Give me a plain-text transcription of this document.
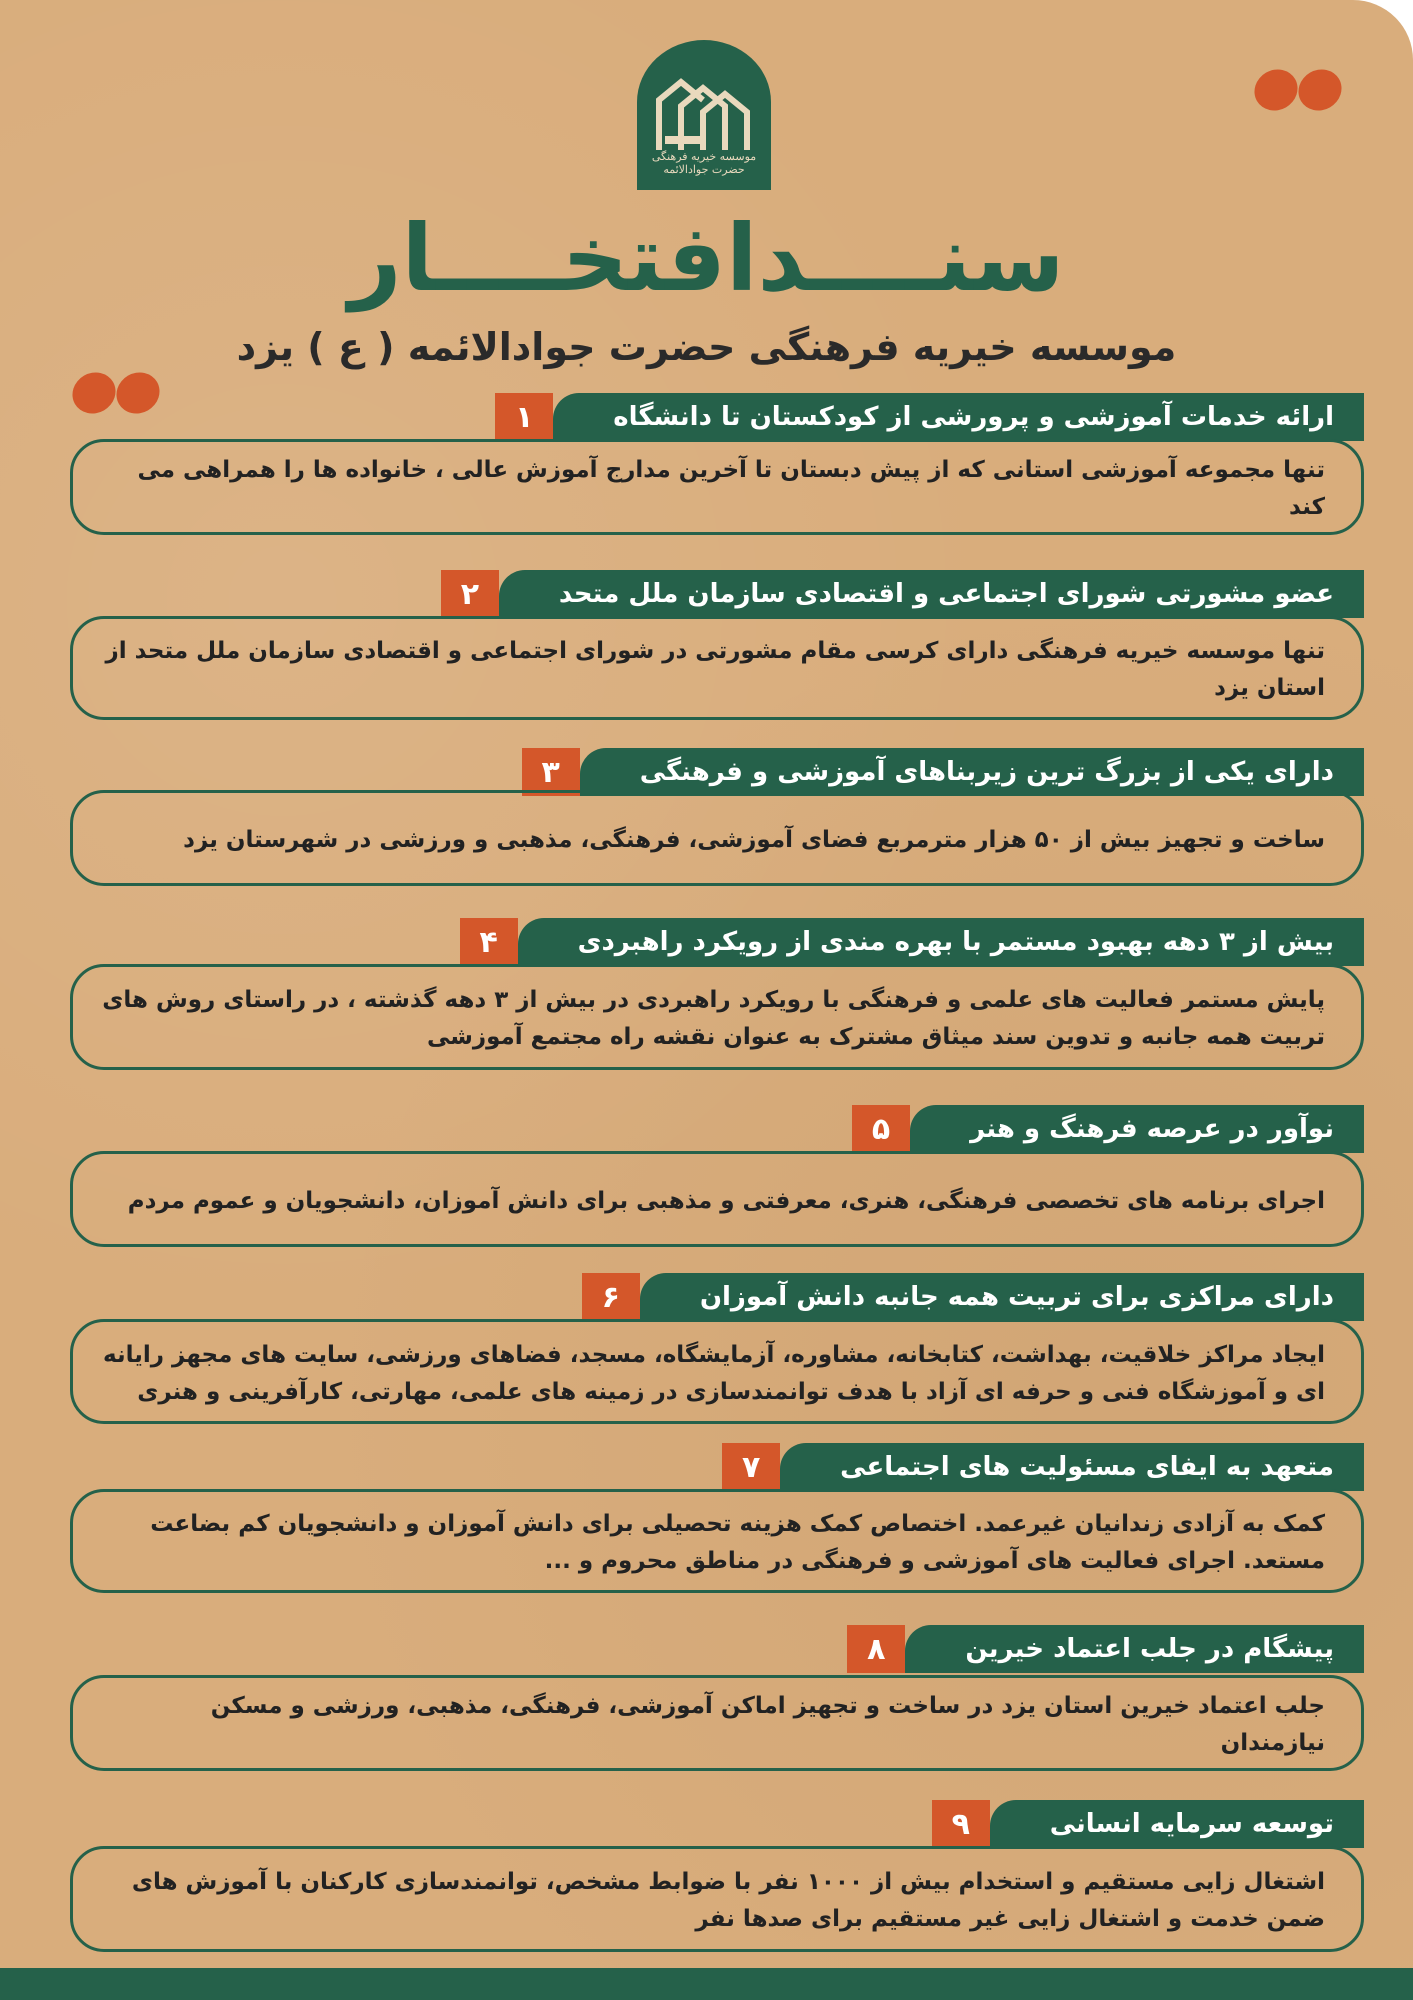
موسسه خیریه فرهنگی حضرت جوادالائمه
سنــــدافتخــــار
موسسه خیریه فرهنگی حضرت جوادالائمه ( ع ) یزد
ارائه خدمات آموزشی و پرورشی از کودکستان تا دانشگاه
۱
تنها مجموعه آموزشی استانی که از پیش دبستان تا آخرین مدارج آموزش عالی ، خانواده ها را همراهی می کند
عضو مشورتی شورای اجتماعی و اقتصادی سازمان ملل متحد
۲
تنها موسسه خیریه فرهنگی دارای کرسی مقام مشورتی در شورای اجتماعی و اقتصادی سازمان ملل متحد از استان یزد
دارای یکی از بزرگ ترین زیربناهای آموزشی و فرهنگی
۳
ساخت و تجهیز بیش از ۵۰ هزار مترمربع فضای آموزشی، فرهنگی، مذهبی و ورزشی در شهرستان یزد
بیش از ۳ دهه بهبود مستمر با بهره مندی از رویکرد راهبردی
۴
پایش مستمر فعالیت های علمی و فرهنگی با رویکرد راهبردی در بیش از ۳ دهه گذشته ، در راستای روش های تربیت همه جانبه و تدوین سند میثاق مشترک به عنوان نقشه راه مجتمع آموزشی
نوآور در عرصه فرهنگ و هنر
۵
اجرای برنامه های تخصصی فرهنگی، هنری، معرفتی و مذهبی برای دانش آموزان، دانشجویان و عموم مردم
دارای مراکزی برای تربیت همه جانبه دانش آموزان
۶
ایجاد مراکز خلاقیت، بهداشت، کتابخانه، مشاوره، آزمایشگاه، مسجد، فضاهای ورزشی، سایت های مجهز رایانه ای و آموزشگاه فنی و حرفه ای آزاد با هدف توانمندسازی در زمینه های علمی، مهارتی، کارآفرینی و هنری
متعهد به ایفای مسئولیت های اجتماعی
۷
کمک به آزادی زندانیان غیرعمد. اختصاص کمک هزینه تحصیلی برای دانش آموزان و دانشجویان کم بضاعت مستعد. اجرای فعالیت های آموزشی و فرهنگی در مناطق محروم و ...
پیشگام در جلب اعتماد خیرین
۸
جلب اعتماد خیرین استان یزد در ساخت و تجهیز اماکن آموزشی، فرهنگی، مذهبی، ورزشی و مسکن نیازمندان
توسعه سرمایه انسانی
۹
اشتغال زایی مستقیم و استخدام بیش از ۱۰۰۰ نفر با ضوابط مشخص، توانمندسازی کارکنان با آموزش های ضمن خدمت و اشتغال زایی غیر مستقیم برای صدها نفر
